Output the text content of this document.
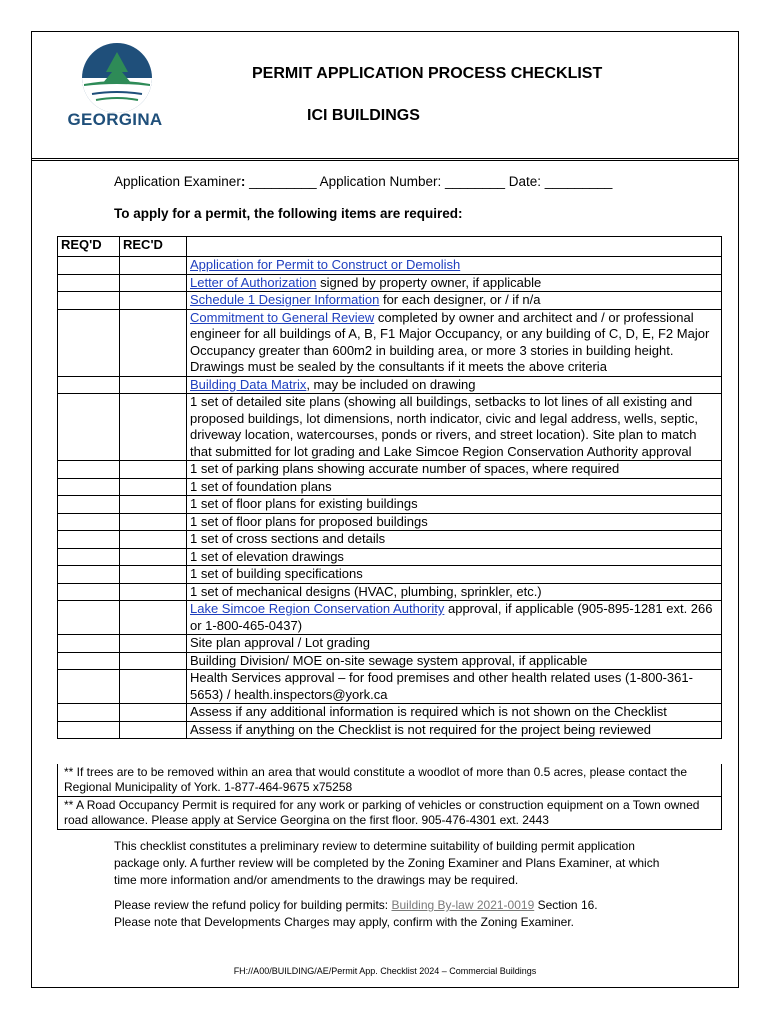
GEORGINA
PERMIT APPLICATION PROCESS CHECKLIST
ICI BUILDINGS
Application Examiner: _________ Application Number: ________ Date: _________
To apply for a permit, the following items are required:
REQ'D	REC'D	
		Application for Permit to Construct or Demolish
		Letter of Authorization signed by property owner, if applicable
		Schedule 1 Designer Information for each designer, or / if n/a
		Commitment to General Review completed by owner and architect and / or professional engineer for all buildings of A, B, F1 Major Occupancy, or any building of C, D, E, F2 Major Occupancy greater than 600m2 in building area, or more 3 stories in building height. Drawings must be sealed by the consultants if it meets the above criteria
		Building Data Matrix, may be included on drawing
		1 set of detailed site plans (showing all buildings, setbacks to lot lines of all existing and proposed buildings, lot dimensions, north indicator, civic and legal address, wells, septic, driveway location, watercourses, ponds or rivers, and street location). Site plan to match that submitted for lot grading and Lake Simcoe Region Conservation Authority approval
		1 set of parking plans showing accurate number of spaces, where required
		1 set of foundation plans
		1 set of floor plans for existing buildings
		1 set of floor plans for proposed buildings
		1 set of cross sections and details
		1 set of elevation drawings
		1 set of building specifications
		1 set of mechanical designs (HVAC, plumbing, sprinkler, etc.)
		Lake Simcoe Region Conservation Authority approval, if applicable (905-895-1281 ext. 266 or 1-800-465-0437)
		Site plan approval / Lot grading
		Building Division/ MOE on-site sewage system approval, if applicable
		Health Services approval – for food premises and other health related uses (1-800-361-5653) / health.inspectors@york.ca
		Assess if any additional information is required which is not shown on the Checklist
		Assess if anything on the Checklist is not required for the project being reviewed
** If trees are to be removed within an area that would constitute a woodlot of more than 0.5 acres, please contact the Regional Municipality of York. 1-877-464-9675 x75258
** A Road Occupancy Permit is required for any work or parking of vehicles or construction equipment on a Town owned road allowance. Please apply at Service Georgina on the first floor. 905-476-4301 ext. 2443
This checklist constitutes a preliminary review to determine suitability of building permit application package only. A further review will be completed by the Zoning Examiner and Plans Examiner, at which time more information and/or amendments to the drawings may be required.
Please review the refund policy for building permits: Building By-law 2021-0019 Section 16.
Please note that Developments Charges may apply, confirm with the Zoning Examiner.
FH://A00/BUILDING/AE/Permit App. Checklist 2024 – Commercial Buildings
